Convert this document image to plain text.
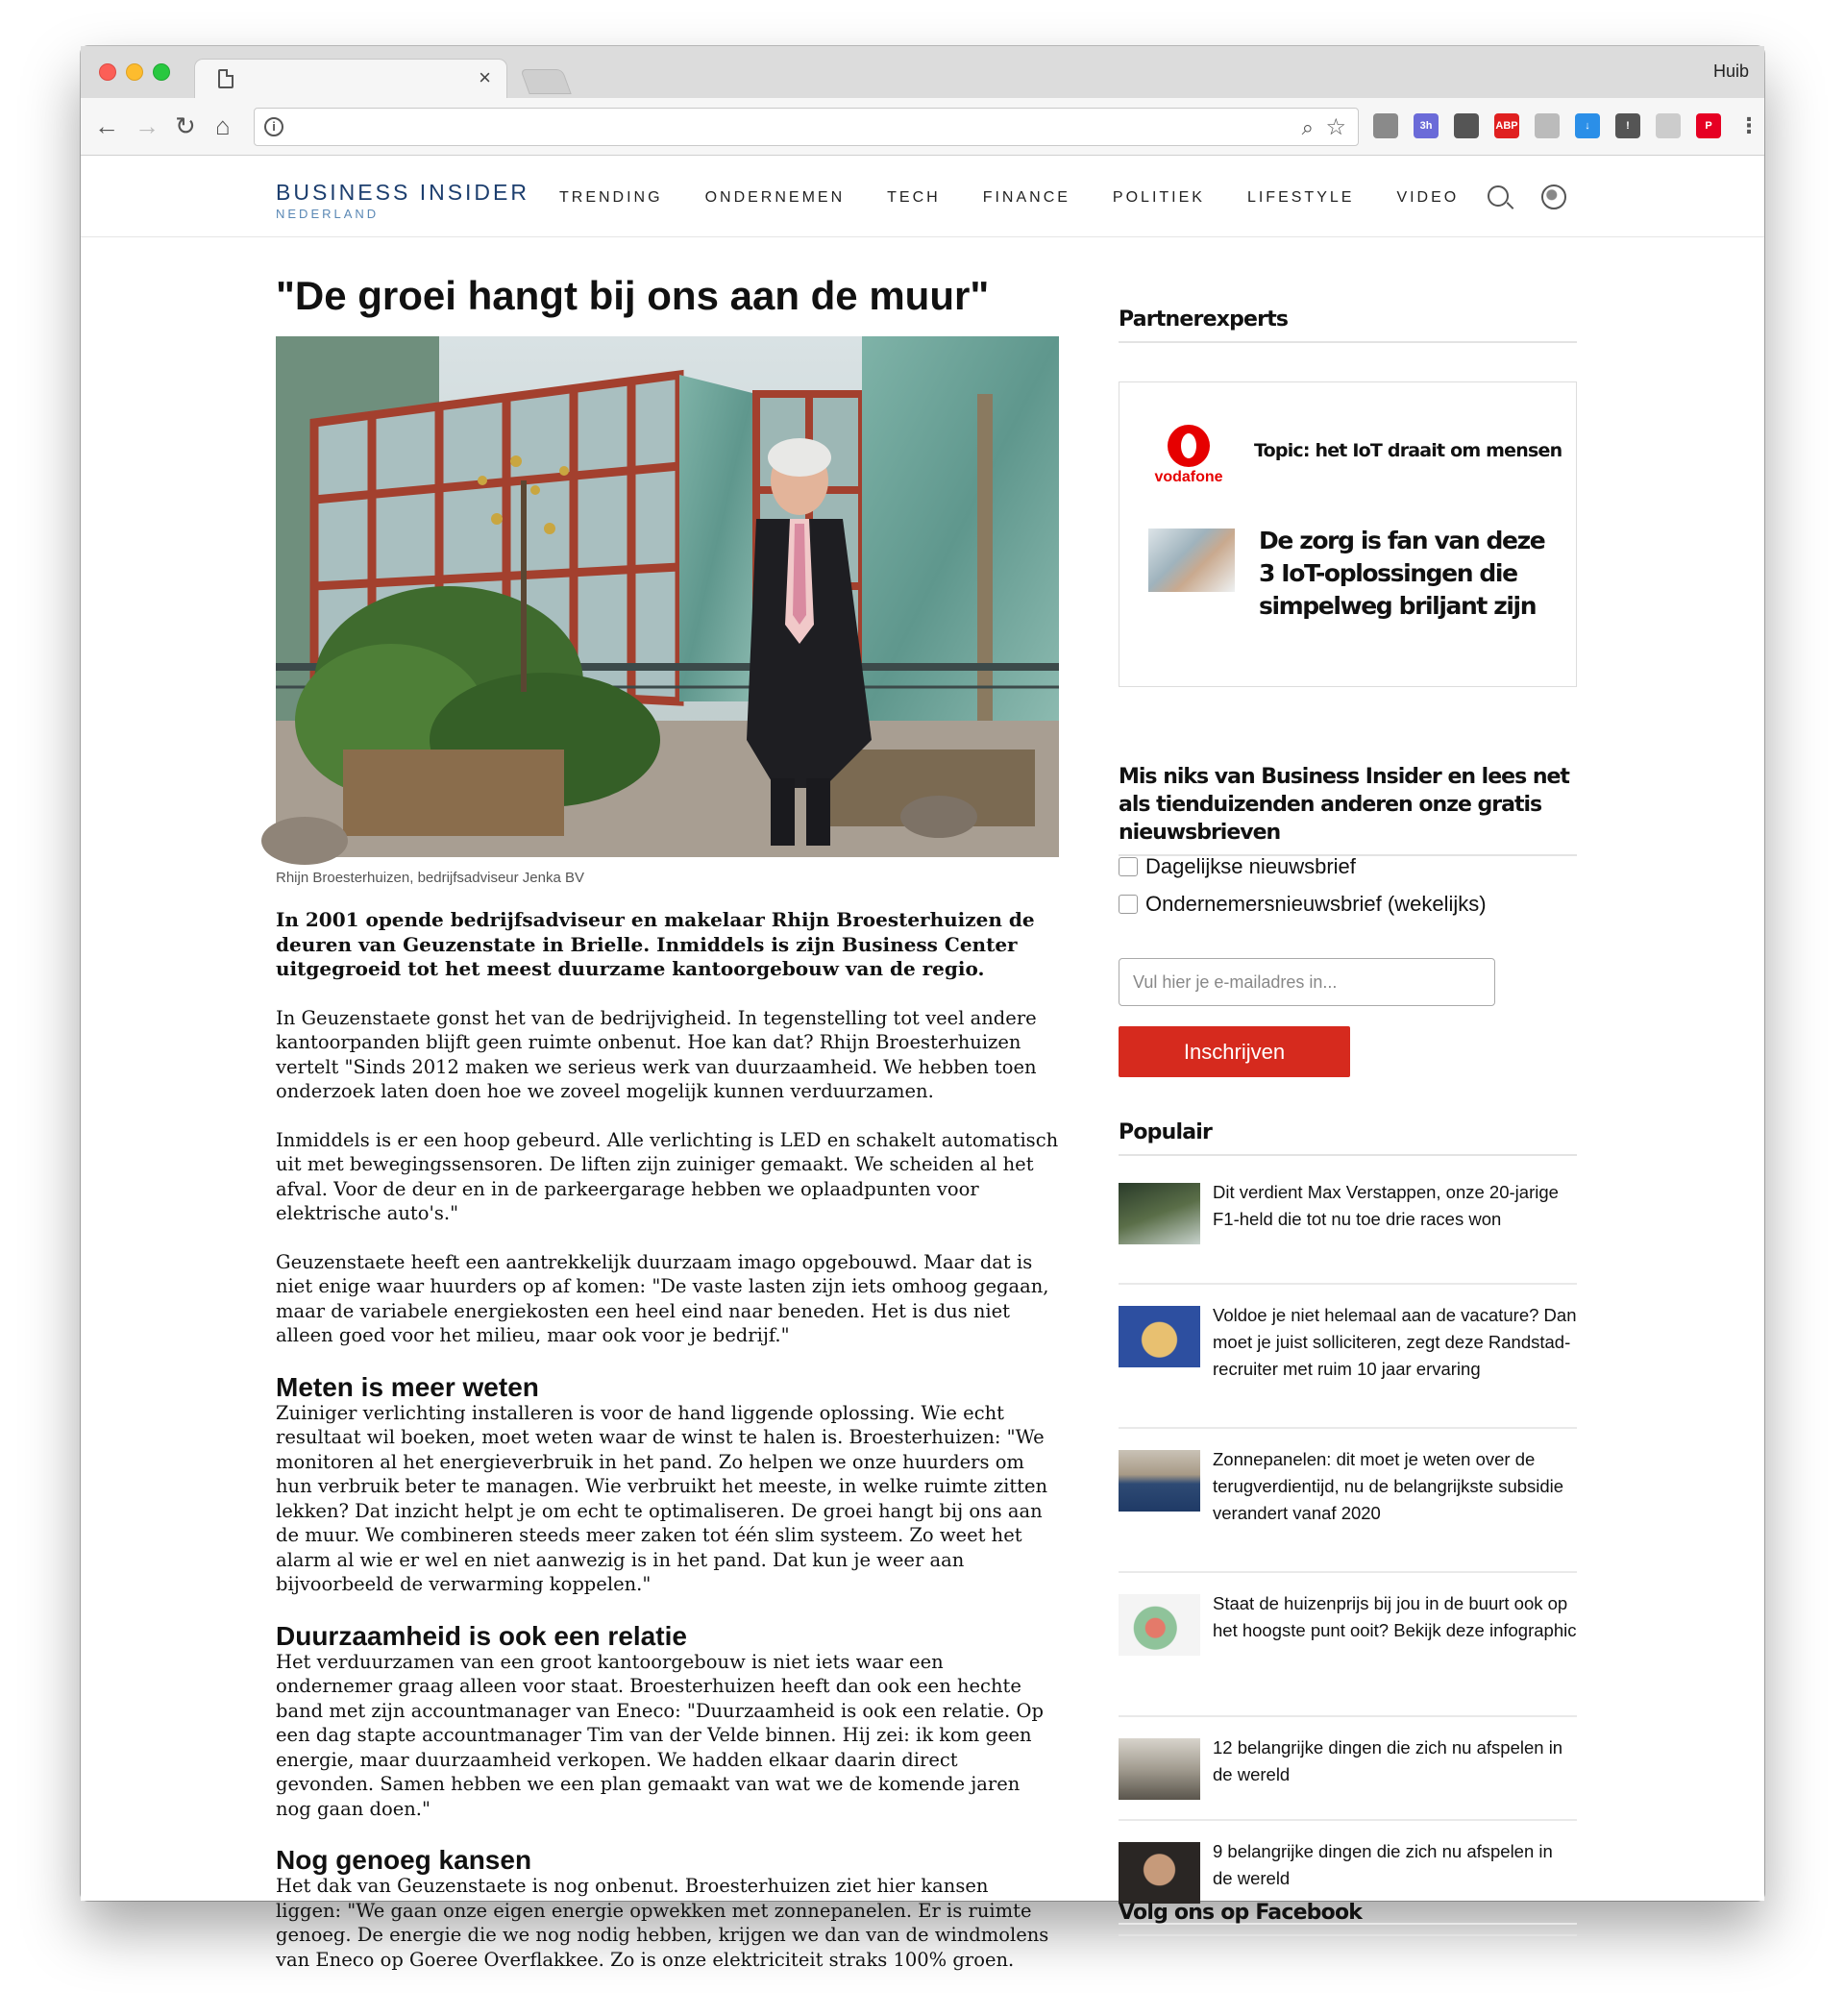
×	Huib
← → ↻ ⌂	i	⌕ ☆	3h	ABP	↓	!	P	⋮
BUSINESS INSIDER
NEDERLAND
TRENDING	ONDERNEMEN	TECH	FINANCE	POLITIEK	LIFESTYLE	VIDEO
"De groei hangt bij ons aan de muur"
Rhijn Broesterhuizen, bedrijfsadviseur Jenka BV

In 2001 opende bedrijfsadviseur en makelaar Rhijn Broesterhuizen de deuren van Geuzenstate in Brielle. Inmiddels is zijn Business Center uitgegroeid tot het meest duurzame kantoorgebouw van de regio.

In Geuzenstaete gonst het van de bedrijvigheid. In tegenstelling tot veel andere kantoorpanden blijft geen ruimte onbenut. Hoe kan dat? Rhijn Broesterhuizen vertelt "Sinds 2012 maken we serieus werk van duurzaamheid. We hebben toen onderzoek laten doen hoe we zoveel mogelijk kunnen verduurzamen.

Inmiddels is er een hoop gebeurd. Alle verlichting is LED en schakelt automatisch uit met bewegingssensoren. De liften zijn zuiniger gemaakt. We scheiden al het afval. Voor de deur en in de parkeergarage hebben we oplaadpunten voor elektrische auto's."

Geuzenstaete heeft een aantrekkelijk duurzaam imago opgebouwd. Maar dat is niet enige waar huurders op af komen: "De vaste lasten zijn iets omhoog gegaan, maar de variabele energiekosten een heel eind naar beneden. Het is dus niet alleen goed voor het milieu, maar ook voor je bedrijf."

Meten is meer weten

Zuiniger verlichting installeren is voor de hand liggende oplossing. Wie echt resultaat wil boeken, moet weten waar de winst te halen is. Broesterhuizen: "We monitoren al het energieverbruik in het pand. Zo helpen we onze huurders om hun verbruik beter te managen. Wie verbruikt het meeste, in welke ruimte zitten lekken? Dat inzicht helpt je om echt te optimaliseren. De groei hangt bij ons aan de muur. We combineren steeds meer zaken tot één slim systeem. Zo weet het alarm al wie er wel en niet aanwezig is in het pand. Dat kun je weer aan bijvoorbeeld de verwarming koppelen."

Duurzaamheid is ook een relatie

Het verduurzamen van een groot kantoorgebouw is niet iets waar een ondernemer graag alleen voor staat. Broesterhuizen heeft dan ook een hechte band met zijn accountmanager van Eneco: "Duurzaamheid is ook een relatie. Op een dag stapte accountmanager Tim van der Velde binnen. Hij zei: ik kom geen energie, maar duurzaamheid verkopen. We hadden elkaar daarin direct gevonden. Samen hebben we een plan gemaakt van wat we de komende jaren nog gaan doen."

Nog genoeg kansen

Het dak van Geuzenstaete is nog onbenut. Broesterhuizen ziet hier kansen liggen: "We gaan onze eigen energie opwekken met zonnepanelen. Er is ruimte genoeg. De energie die we nog nodig hebben, krijgen we dan van de windmolens van Eneco op Goeree Overflakkee. Zo is onze elektriciteit straks 100% groen.

Partnerexperts
vodafone
Topic: het IoT draait om mensen
De zorg is fan van deze 3 IoT-oplossingen die simpelweg briljant zijn
Mis niks van Business Insider en lees net als tienduizenden anderen onze gratis nieuwsbrieven
Dagelijkse nieuwsbrief
Ondernemersnieuwsbrief (wekelijks)
Vul hier je e-mailadres in...
Inschrijven
Populair
Dit verdient Max Verstappen, onze 20-jarige F1-held die tot nu toe drie races won
Voldoe je niet helemaal aan de vacature? Dan moet je juist solliciteren, zegt deze Randstad-recruiter met ruim 10 jaar ervaring
Zonnepanelen: dit moet je weten over de terugverdientijd, nu de belangrijkste subsidie verandert vanaf 2020
Staat de huizenprijs bij jou in de buurt ook op het hoogste punt ooit? Bekijk deze infographic
12 belangrijke dingen die zich nu afspelen in de wereld
9 belangrijke dingen die zich nu afspelen in de wereld
Volg ons op Facebook
